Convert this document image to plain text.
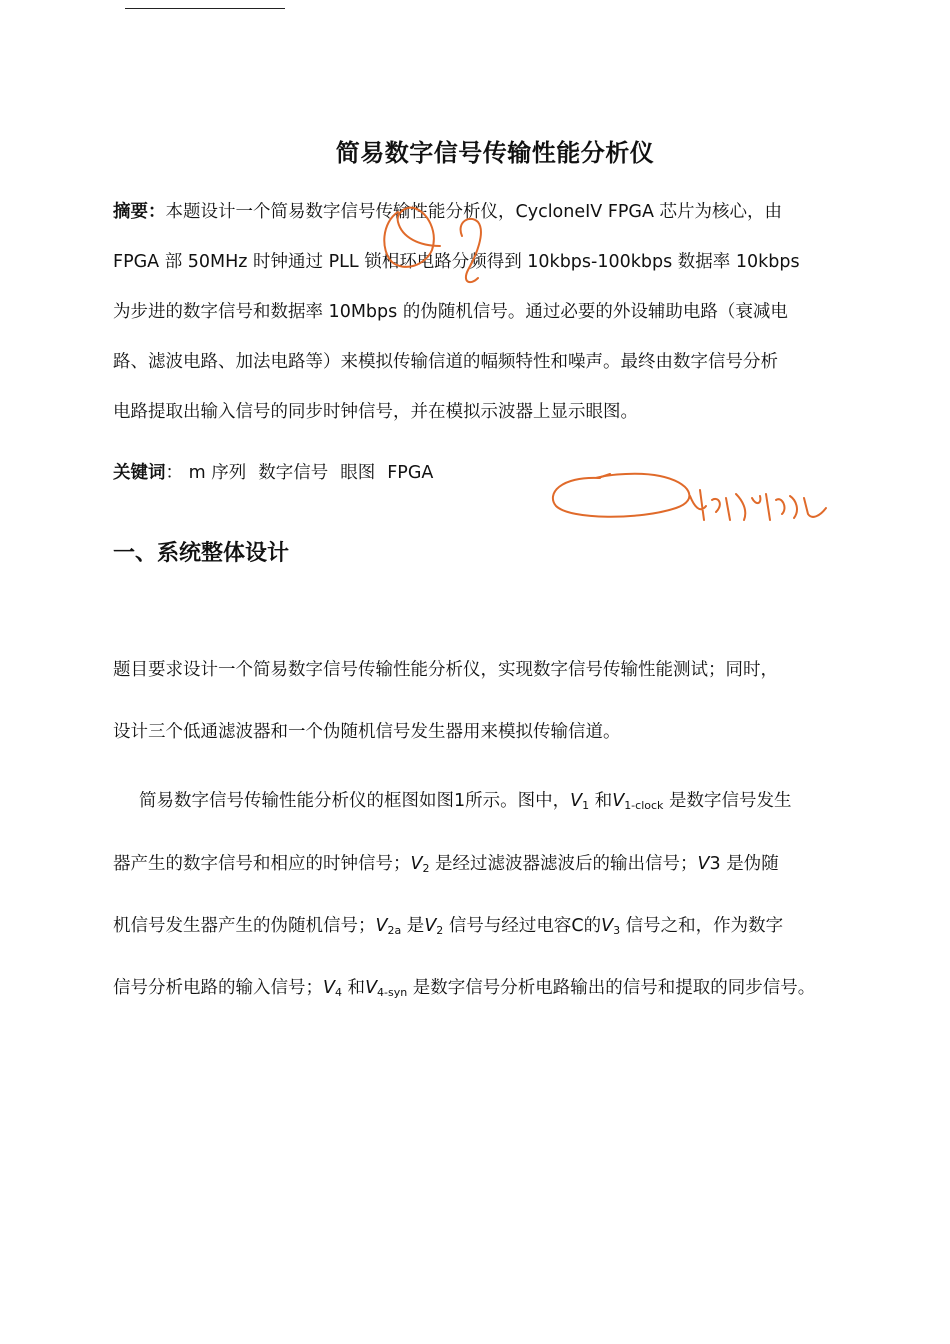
简易数字信号传输性能分析仪
摘要：本题设计一个简易数字信号传输性能分析仪，CycloneIV FPGA 芯片为核心，由
FPGA 部 50MHz 时钟通过 PLL 锁相环电路分频得到 10kbps-100kbps 数据率 10kbps
为步进的数字信号和数据率 10Mbps 的伪随机信号。通过必要的外设辅助电路（衰减电
路、滤波电路、加法电路等）来模拟传输信道的幅频特性和噪声。最终由数字信号分析
电路提取出输入信号的同步时钟信号，并在模拟示波器上显示眼图。
关键词： m 序列 数字信号 眼图 FPGA
一、系统整体设计
题目要求设计一个简易数字信号传输性能分析仪，实现数字信号传输性能测试；同时，
设计三个低通滤波器和一个伪随机信号发生器用来模拟传输信道。
简易数字信号传输性能分析仪的框图如图1所示。图中，V1 和V1-clock 是数字信号发生
器产生的数字信号和相应的时钟信号；V2 是经过滤波器滤波后的输出信号；V3 是伪随
机信号发生器产生的伪随机信号；V2a 是V2 信号与经过电容C的V3 信号之和，作为数字
信号分析电路的输入信号；V4 和V4-syn 是数字信号分析电路输出的信号和提取的同步信号。
